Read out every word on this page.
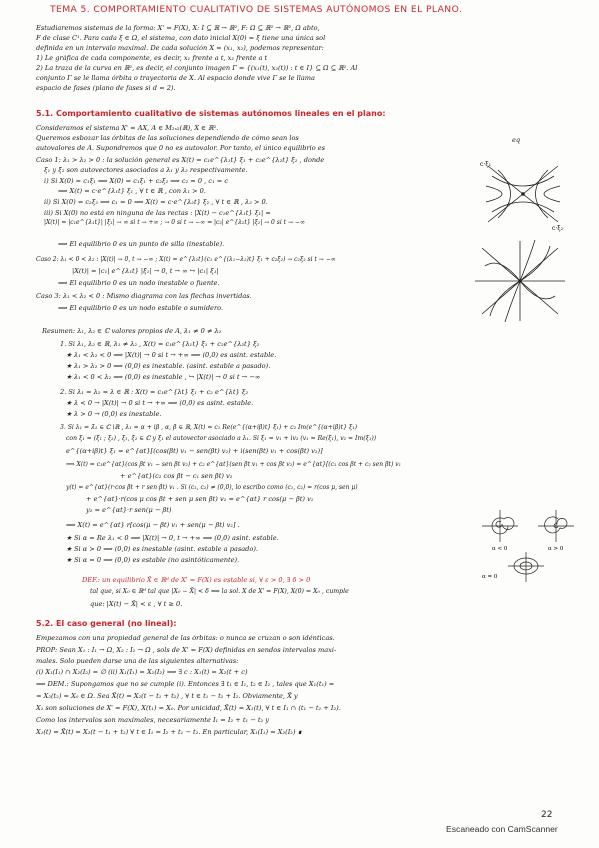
TEMA 5. COMPORTAMIENTO CUALITATIVO DE SISTEMAS AUTÓNOMOS EN EL PLANO.
Estudiaremos sistemas de la forma: X' = F(X), X: I ⊆ ℝ → ℝ², F: Ω ⊆ ℝ² → ℝ², Ω abto,
F de clase C¹. Para cada ξ ∈ Ω, el sistema, con dato inicial X(0) = ξ tiene una única sol
definida en un intervalo maximal. De cada solución X = (x₁, x₂), podemos representar:
1) Le gráfica de cada componente, es decir, x₁ frente a t, x₂ frente a t
2) La traza de la curva en ℝ², es decir, el conjunto imagen Γ = {(x₁(t), x₂(t)) : t ∈ I} ⊆ Ω ⊆ ℝ². Al
conjunto Γ se le llama órbita o trayectoria de X. Al espacio donde vive Γ se le llama
espacio de fases (plano de fases si d = 2).
5.1. Comportamiento cualitativo de sistemas autónomos lineales en el plano:
Consideramos el sistema X' = AX, A ∈ M₂ₓ₂(ℝ), X ∈ ℝ².
Queremos esbozar las órbitas de las soluciones dependiendo de cómo sean los
autovalores de A. Supondremos que 0 no es autovalor. Por tanto, el único equilibrio es
Caso 1: λ₁ > λ₂ > 0 : la solución general es X(t) = c₁e^{λ₁t} ξ₁ + c₂e^{λ₂t} ξ₂ , donde
ξ₁ y ξ₂ son autovectores asociados a λ₁ y λ₂ respectivamente.
i) Si X(0) = c₁ξ₁ ⟹ X(0) = c₁ξ₁ + c₂ξ₂ ⟹ c₂ = 0 , c₁ = c
⟹ X(t) = c·e^{λ₁t} ξ₁ , ∀ t ∈ ℝ , con λ₁ > 0.
ii) Si X(0) = c₂ξ₂ ⟹ c₁ = 0 ⟹ X(t) = c·e^{λ₂t} ξ₂ , ∀ t ∈ ℝ , λ₂ > 0.
iii) Si X(0) no está en ninguna de las rectas : |X(t) − c₁e^{λ₁t} ξ₁| =
|X(t)| = |c₁e^{λ₁t}| |ξ₁| → ∞ si t → +∞ ; → 0 si t → −∞ = |c₂| e^{λ₂t} |ξ₂| → 0 si t → −∞
⟹ El equilibrio 0 es un punto de silla (inestable).
Caso 2: λ₁ < 0 < λ₂ : |X(t)| → 0, t → −∞ ; X(t) = e^{λ₂t}(c₁ e^{(λ₁−λ₂)t} ξ₁ + c₂ξ₂) → c₂ξ₂ si t → −∞
|X(t)| = |c₁| e^{λ₁t} |ξ₁| → 0, t → ∞ ↪ |c₁| ξ₁|
⟹ El equilibrio 0 es un nodo inestable o fuente.
Caso 3: λ₁ < λ₂ < 0 : Mismo diagrama con las flechas invertidas.
⟹ El equilibrio 0 es un nodo estable o sumidero.
eq
c·ξ₁
c·ξ₂
Resumen: λ₁, λ₂ ∈ ℂ valores propios de A, λ₁ ≠ 0 ≠ λ₂
1. Si λ₁, λ₂ ∈ ℝ, λ₁ ≠ λ₂ , X(t) = c₁e^{λ₁t} ξ₁ + c₂e^{λ₂t} ξ₂
★ λ₁ < λ₂ < 0 ⟹ |X(t)| → 0 si t → +∞ ⟹ (0,0) es asint. estable.
★ λ₁ > λ₂ > 0 ⟹ (0,0) es inestable. (asint. estable a pasado).
★ λ₁ < 0 < λ₂ ⟹ (0,0) es inestable , ↪ |X(t)| → 0 si t → −∞
2. Si λ₁ = λ₂ = λ ∈ ℝ : X(t) = c₁e^{λt} ξ₁ + c₂ e^{λt} ξ₂
★ λ < 0 → |X(t)| → 0 si t → +∞ ⟹ (0,0) es asint. estable.
★ λ > 0 → (0,0) es inestable.
3. Si λ₁ = λ̄₂ ∈ ℂ∖ℝ , λ₁ = α + iβ , α, β ∈ ℝ, X(t) = c₁ Re(e^{(α+iβ)t} ξ₁) + c₂ Im(e^{(α+iβ)t} ξ₁)
con ξ₁ = (ξ₁ ; ξ₂) , ξ₁, ξ₂ ∈ ℂ y ξ₁ el autovector asociado a λ₁. Si ξ₁ = v₁ + iv₂ (v₁ = Re(ξ₁), v₂ = Im(ξ₁))
e^{(α+iβ)t} ξ₁ = e^{αt}[(cos(βt) v₁ − sen(βt) v₂) + i(sen(βt) v₁ + cos(βt) v₂)]
⟹ X(t) = c₁e^{αt}(cos βt v₁ − sen βt v₂) + c₂ e^{αt}(sen βt v₁ + cos βt v₂) = e^{αt}[(c₁ cos βt + c₂ sen βt) v₁
+ e^{αt}(c₂ cos βt − c₁ sen βt) v₂
y(t) = e^{αt}(r·cos βt + r sen βt) v₁ . Si (c₁, c₂) ≠ (0,0), lo escribo como (c₁, c₂) = r(cos μ, sen μ)
+ e^{αt}·r(cos μ cos βt + sen μ sen βt) v₂ = e^{αt} r cos(μ − βt) v₁
y₂ = e^{αt}·r sen(μ − βt)
⟹ X(t) = e^{αt} r[cos(μ − βt) v₁ + sen(μ − βt) v₂] .
★ Si α = Re λ₁ < 0 ⟹ |X(t)| → 0, t → +∞ ⟹ (0,0) asint. estable.
★ Si α > 0 ⟹ (0,0) es inestable (asint. estable a pasado).
★ Si α = 0 ⟹ (0,0) es estable (no asintóticamente).
α < 0	α > 0
α = 0
DEF.: un equilibrio X̄ ∈ ℝᵈ de X' = F(X) es estable si, ∀ ε > 0, ∃ δ > 0
tal que, si X₀ ∈ ℝᵈ tal que |X₀ − X̄| < δ ⟹ la sol. X de X' = F(X), X(0) = X₀ , cumple
que: |X(t) − X̄| < ε , ∀ t ≥ 0.
5.2. El caso general (no lineal):
Empezamos con una propiedad general de las órbitas: o nunca se cruzan o son idénticas.
PROP: Sean X₁ : I₁ → Ω, X₂ : I₂ → Ω , sols de X' = F(X) definidas en sendos intervalos maxi-
males. Solo pueden darse una de las siguientes alternativas:
(i) X₁(I₁) ∩ X₂(I₂) = ∅ (ii) X₁(I₁) = X₂(I₂) ⟹ ∃ c : X₁(t) = X₂(t + c)
⟹ DEM.: Supongamos que no se cumple (i). Entonces ∃ t₁ ∈ I₁, t₂ ∈ I₂ , tales que X₁(t₁) =
= X₂(t₂) = X₀ ∈ Ω. Sea X̃(t) = X₂(t − t₁ + t₂) , ∀ t ∈ t₁ − t₂ + I₂. Obviamente, X̃ y
X₁ son soluciones de X' = F(X), X(t₁) = X₀. Por unicidad, X̃(t) = X₁(t), ∀ t ∈ I₁ ∩ (t₁ − t₂ + I₂).
Como los intervalos son maximales, necesariamente I₁ = I₂ + t₁ − t₂ y
X₁(t) = X̃(t) = X₂(t − t₁ + t₂) ∀ t ∈ I₁ = I₂ + t₁ − t₂. En particular, X₁(I₁) = X₂(I₂) ∎
22
Escaneado con CamScanner
